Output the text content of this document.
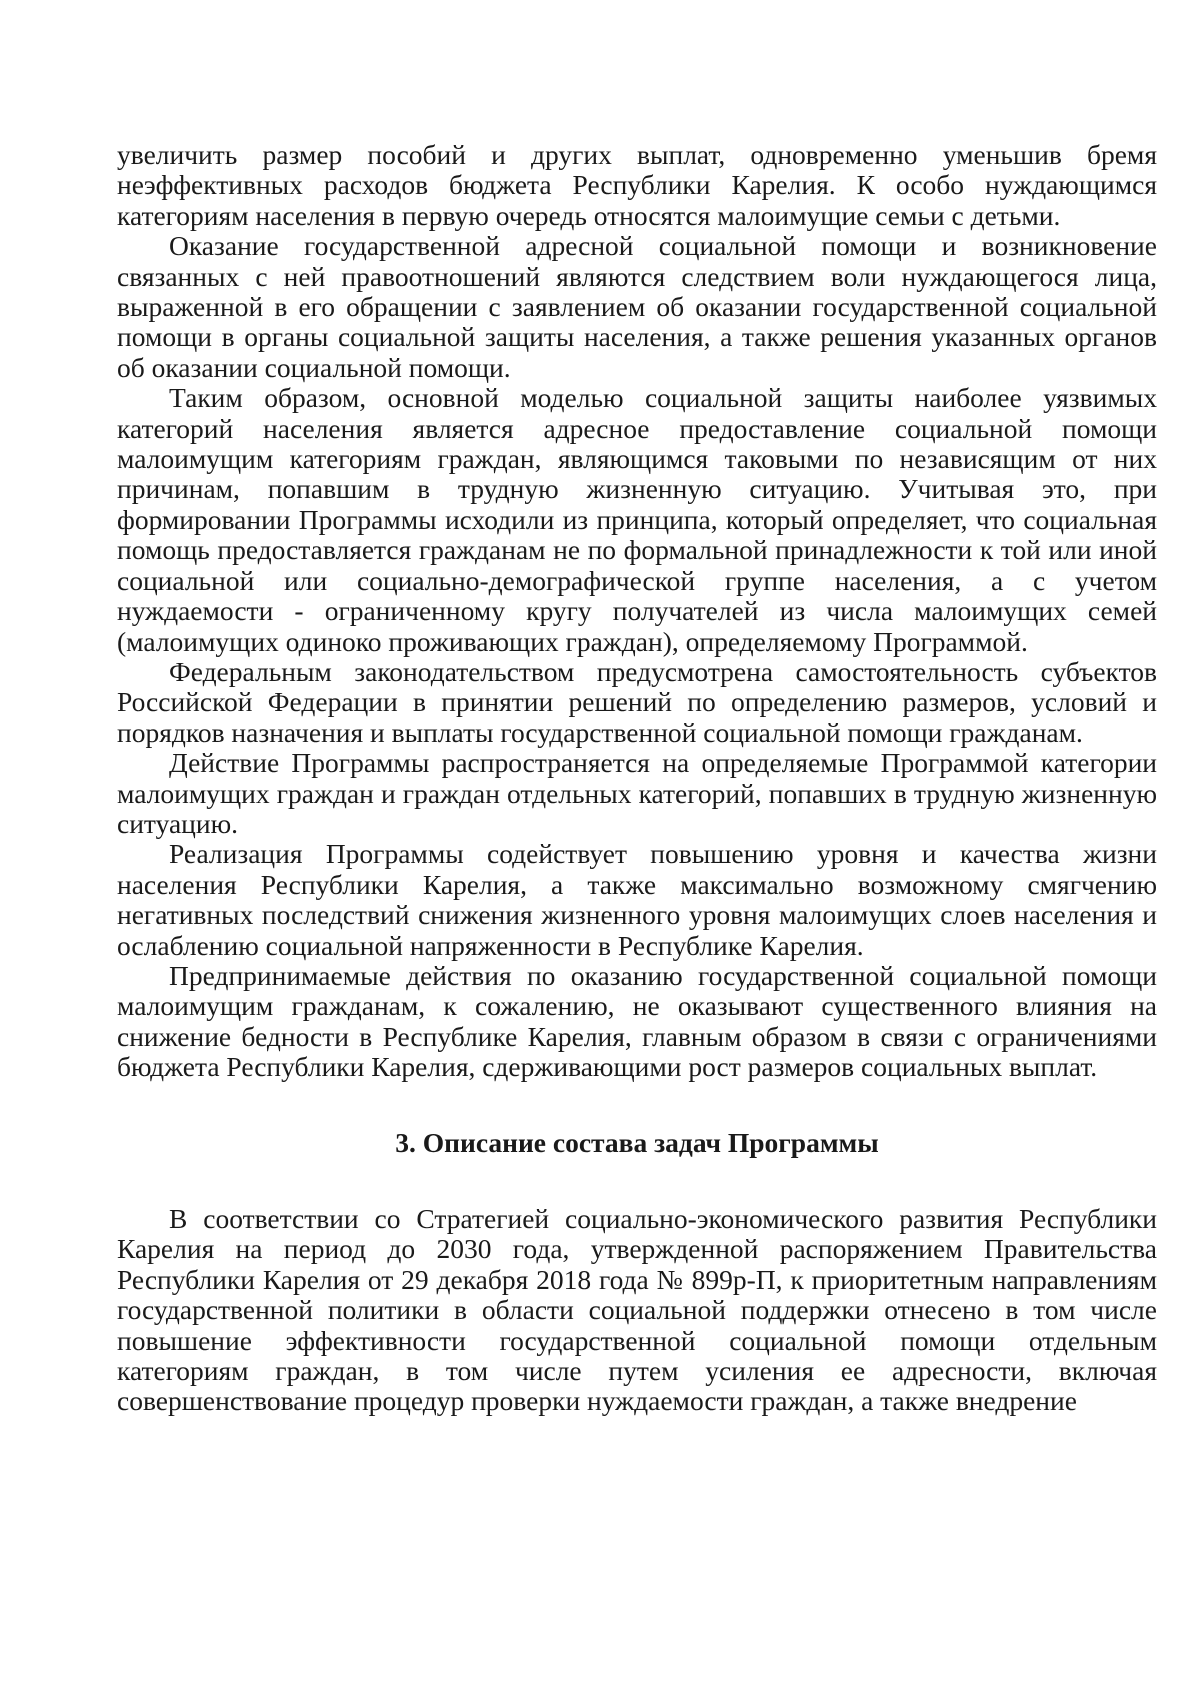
увеличить размер пособий и других выплат, одновременно уменьшив бремя неэффективных расходов бюджета Республики Карелия. К особо нуждающимся категориям населения в первую очередь относятся малоимущие семьи с детьми.

Оказание государственной адресной социальной помощи и возникновение связанных с ней правоотношений являются следствием воли нуждающегося лица, выраженной в его обращении с заявлением об оказании государственной социальной помощи в органы социальной защиты населения, а также решения указанных органов об оказании социальной помощи.

Таким образом, основной моделью социальной защиты наиболее уязвимых категорий населения является адресное предоставление социальной помощи малоимущим категориям граждан, являющимся таковыми по независящим от них причинам, попавшим в трудную жизненную ситуацию. Учитывая это, при формировании Программы исходили из принципа, который определяет, что социальная помощь предоставляется гражданам не по формальной принадлежности к той или иной социальной или социально-демографической группе населения, а с учетом нуждаемости - ограниченному кругу получателей из числа малоимущих семей (малоимущих одиноко проживающих граждан), определяемому Программой.

Федеральным законодательством предусмотрена самостоятельность субъектов Российской Федерации в принятии решений по определению размеров, условий и порядков назначения и выплаты государственной социальной помощи гражданам.

Действие Программы распространяется на определяемые Программой категории малоимущих граждан и граждан отдельных категорий, попавших в трудную жизненную ситуацию.

Реализация Программы содействует повышению уровня и качества жизни населения Республики Карелия, а также максимально возможному смягчению негативных последствий снижения жизненного уровня малоимущих слоев населения и ослаблению социальной напряженности в Республике Карелия.

Предпринимаемые действия по оказанию государственной социальной помощи малоимущим гражданам, к сожалению, не оказывают существенного влияния на снижение бедности в Республике Карелия, главным образом в связи с ограничениями бюджета Республики Карелия, сдерживающими рост размеров социальных выплат.

3. Описание состава задач Программы

В соответствии со Стратегией социально-экономического развития Республики Карелия на период до 2030 года, утвержденной распоряжением Правительства Республики Карелия от 29 декабря 2018 года № 899р-П, к приоритетным направлениям государственной политики в области социальной поддержки отнесено в том числе повышение эффективности государственной социальной помощи отдельным категориям граждан, в том числе путем усиления ее адресности, включая совершенствование процедур проверки нуждаемости граждан, а также внедрение
